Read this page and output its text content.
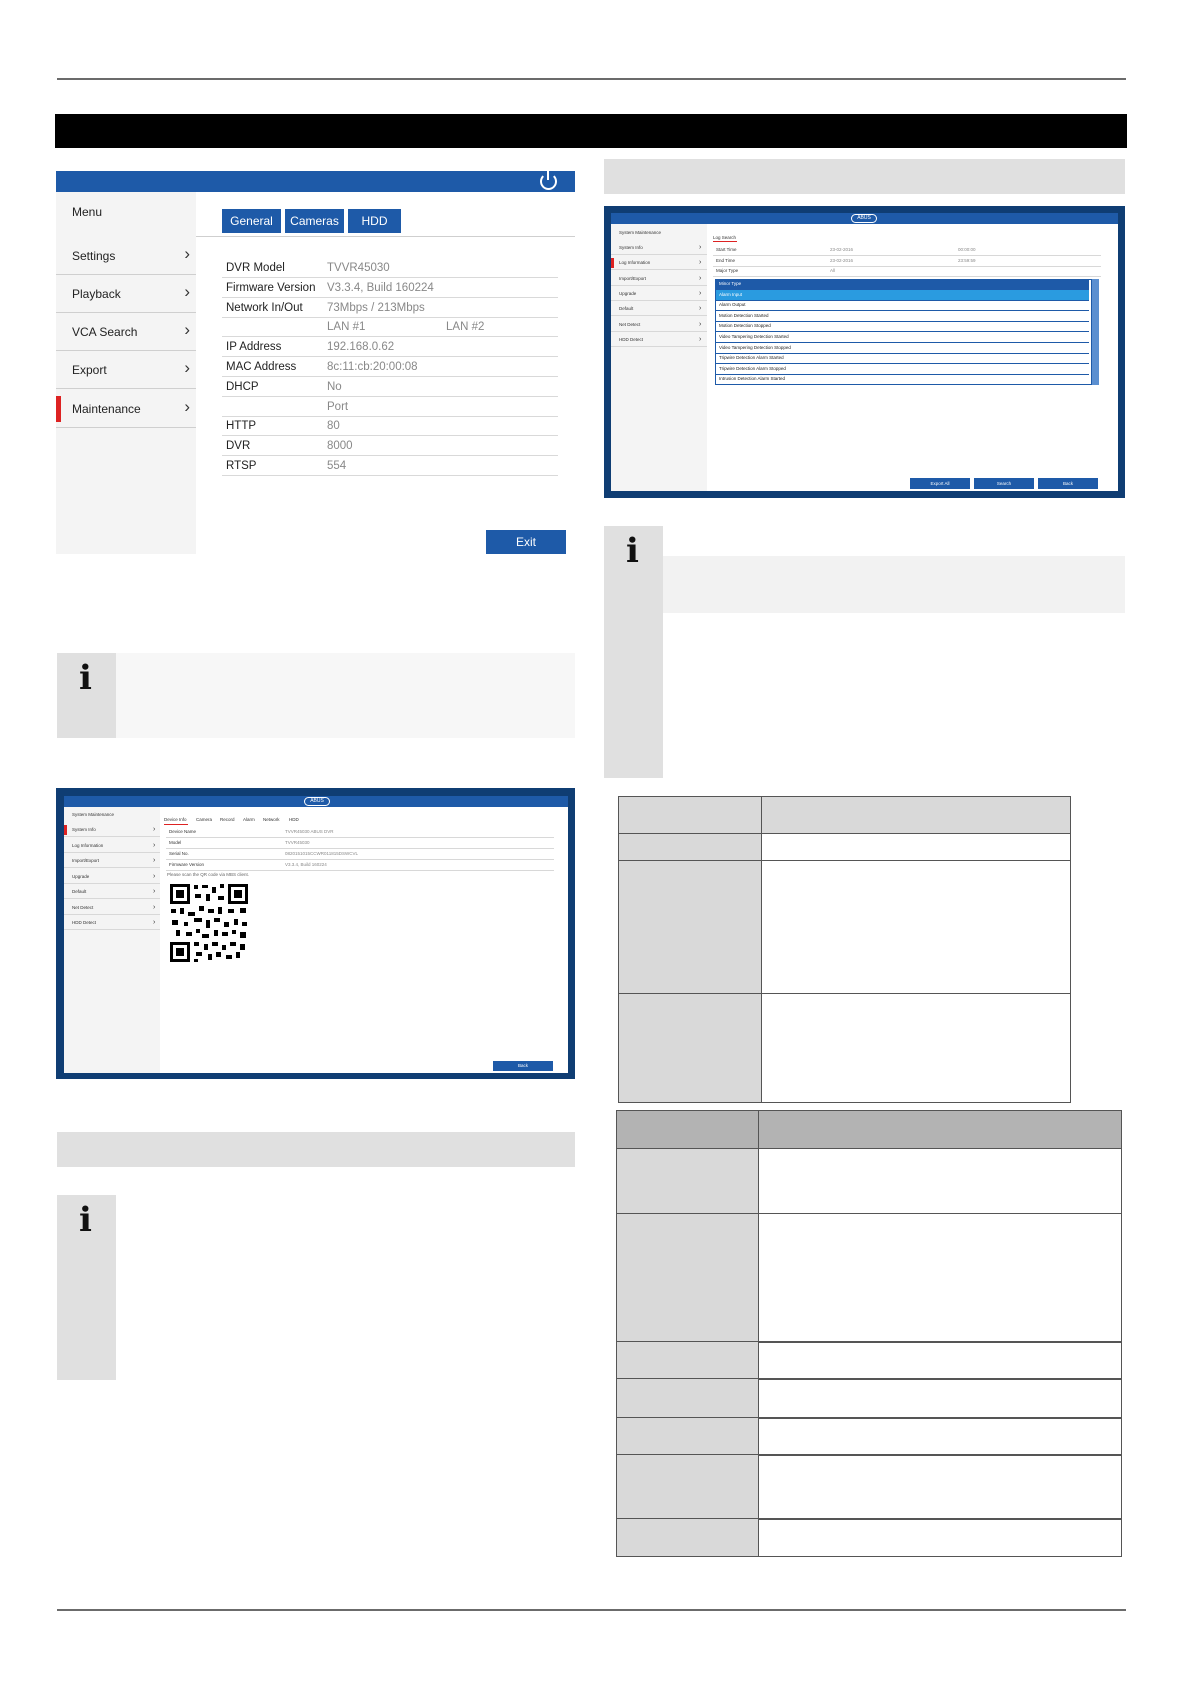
Menu
Settings	›
Playback	›
VCA Search	›
Export	›
Maintenance	›
General	Cameras	HDD
DVR Model	TVVR45030
Firmware Version V3.3.4, Build 160224
Network In/Out 73Mbps / 213Mbps
LAN #1	LAN #2
IP Address	192.168.0.62
MAC Address	8c:11:cb:20:00:08
DHCP	No
Port
HTTP	80
DVR	8000
RTSP	554
Exit
i
ABUS
System Maintenance
System Info	›
Log Information	›
Import/Export	›
Upgrade	›
Default	›
Net Detect	›
HDD Detect	›
Device Info Camera Record Alarm Network HDD
Device Name	TVVR45030 ABUS DVR
Model	TVVR45030
Serial No.	0820151015CCWR011815DSWCVL
Firmware Version	V3.3.4, Build 160224
Please scan the QR code via MBS client.
Back
i
ABUS
System Maintenance
System Info	›
Log Information	›
Import/Export	›
Upgrade	›
Default	›
Net Detect	›
HDD Detect	›
Log Search
Start Time	23-02-2016	00:00:00
End Time	23-02-2016	23:59:59
Major Type	All
Minor Type
Alarm Input
Alarm Output
Motion Detection Started
Motion Detection Stopped
Video Tampering Detection Started
Video Tampering Detection Stopped
Tripwire Detection Alarm Started
Tripwire Detection Alarm Stopped
Intrusion Detection Alarm Started
Export All	Search	Back
i
